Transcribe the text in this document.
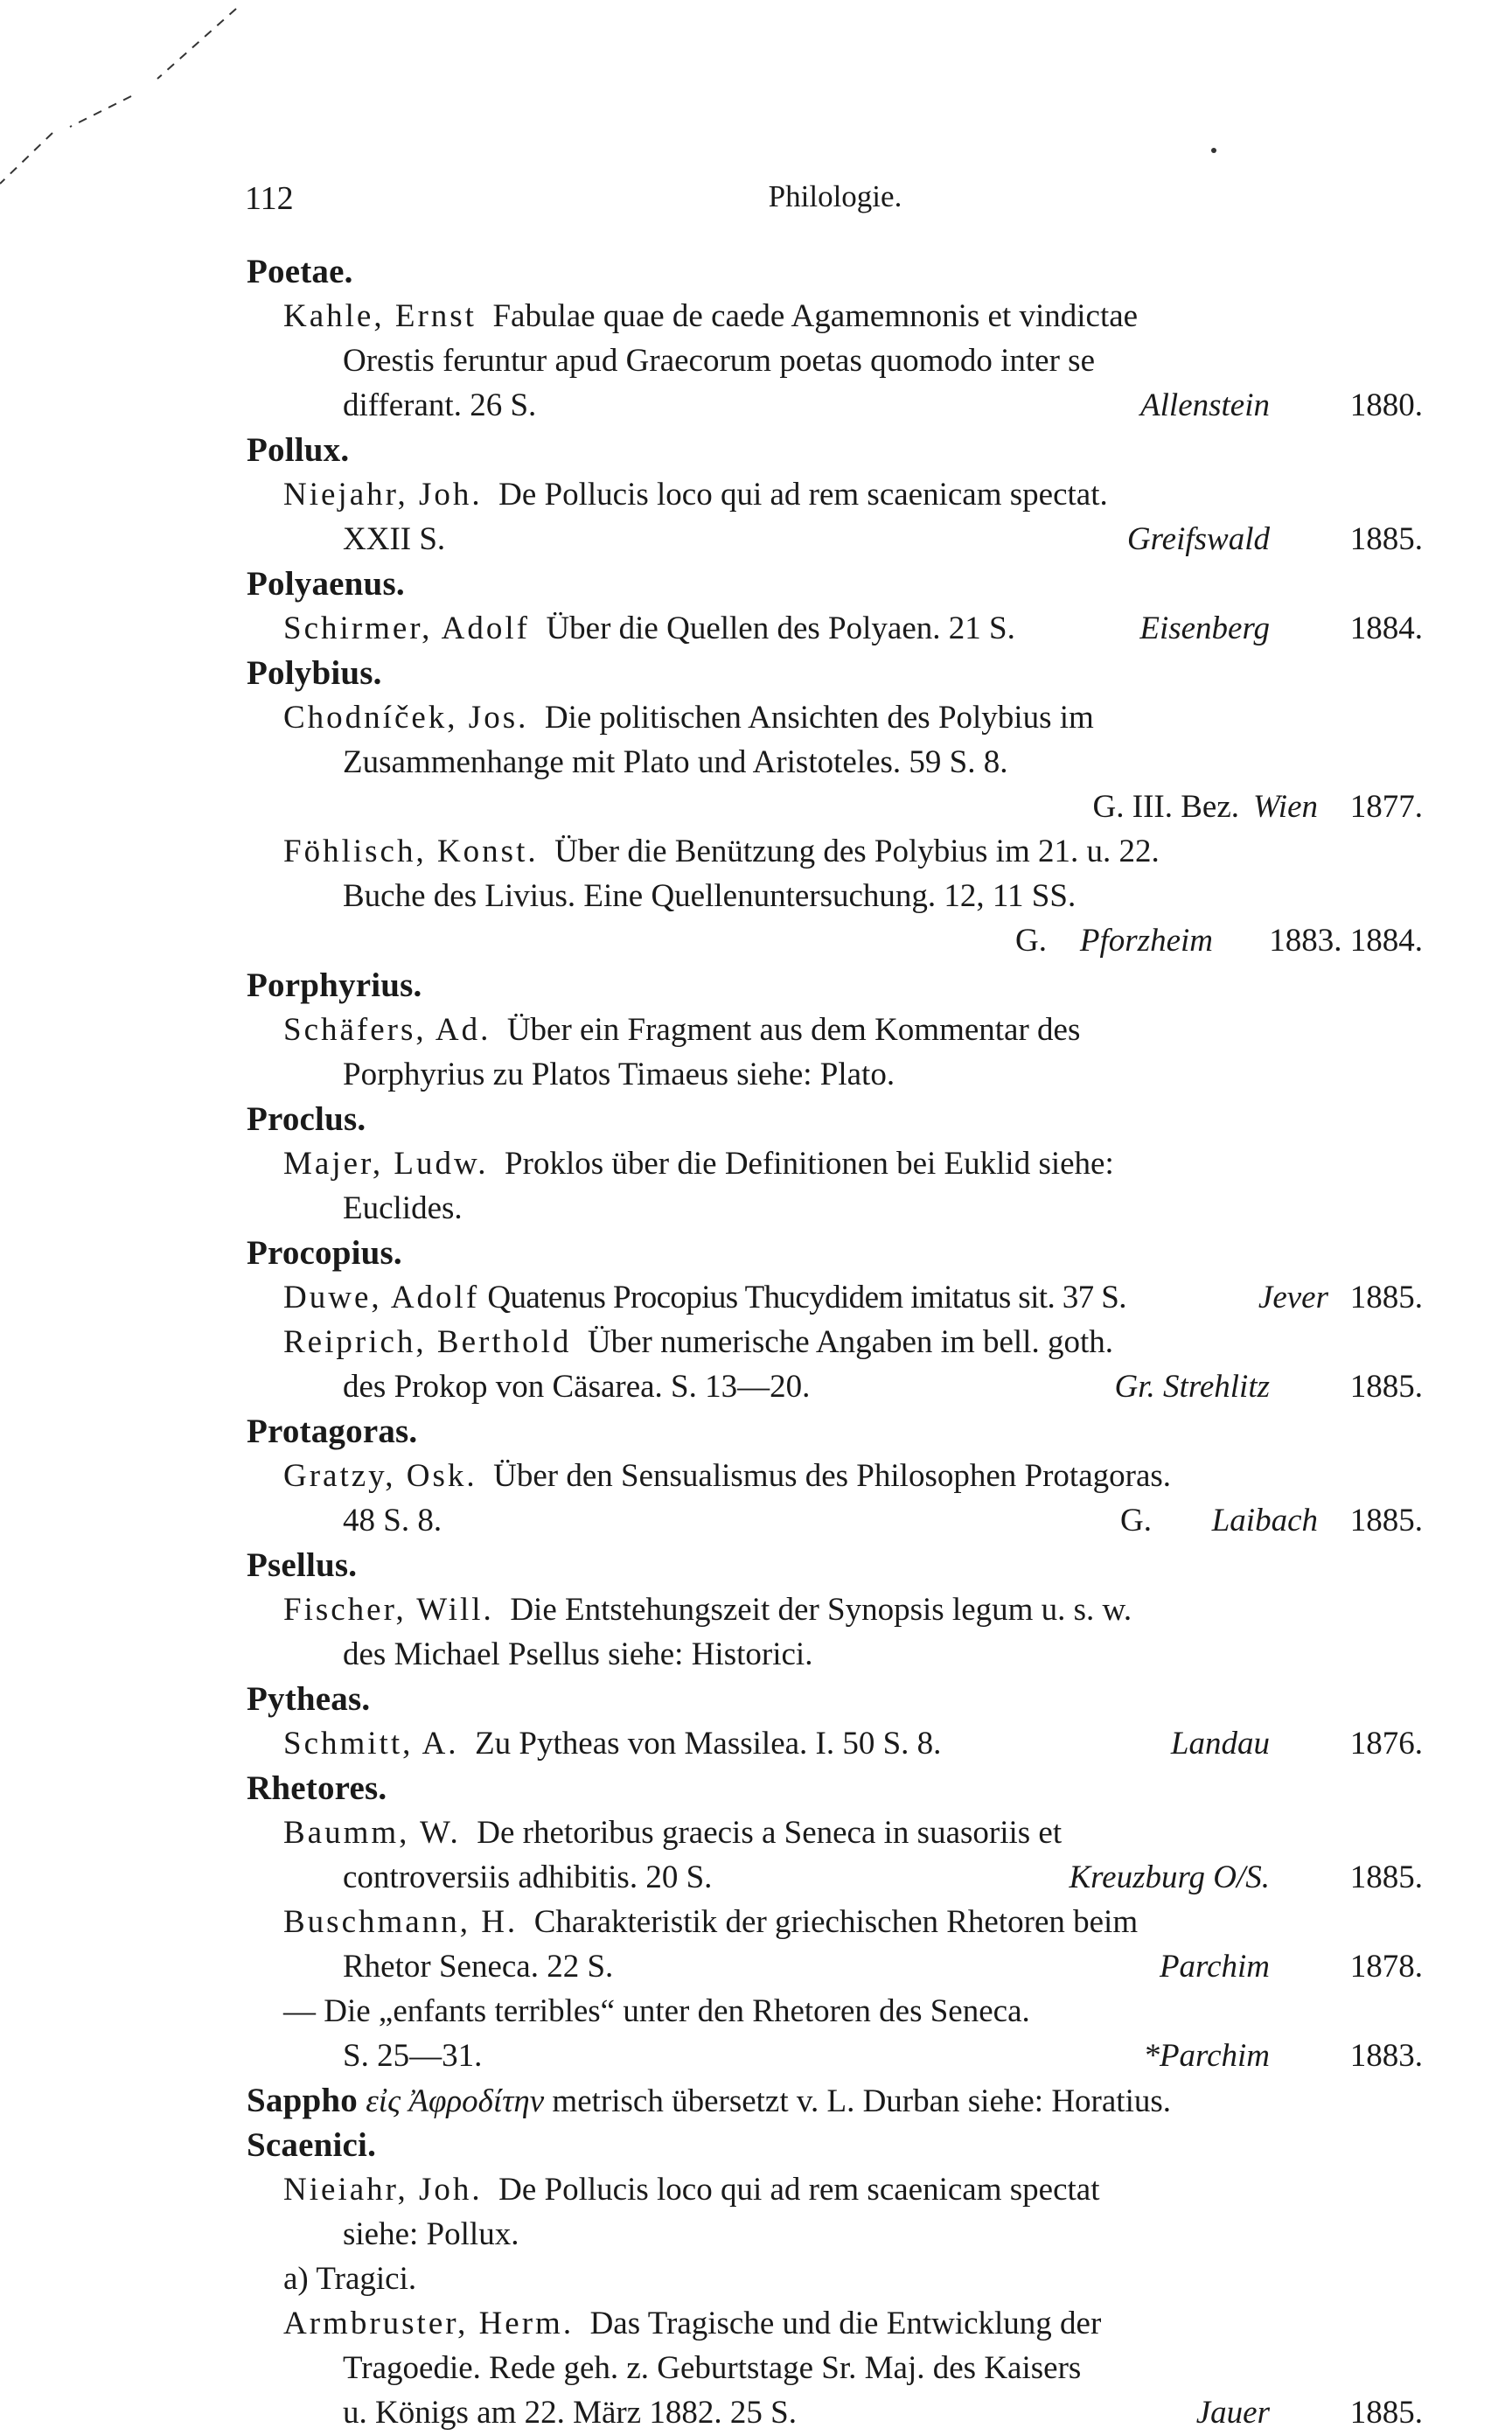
112	Philologie.
Poetae.
Kahle, Ernst Fabulae quae de caede Agamemnonis et vindictae
Orestis feruntur apud Graecorum poetas quomodo inter se
differant. 26 S.	Allenstein 1880.
Pollux.
Niejahr, Joh. De Pollucis loco qui ad rem scaenicam spectat.
XXII S.	Greifswald 1885.
Polyaenus.
Schirmer, Adolf Über die Quellen des Polyaen. 21 S.	Eisenberg 1884.
Polybius.
Chodníček, Jos. Die politischen Ansichten des Polybius im
Zusammenhange mit Plato und Aristoteles. 59 S. 8.
G. III. Bez. Wien 1877.
Föhlisch, Konst. Über die Benützung des Polybius im 21. u. 22.
Buche des Livius. Eine Quellenuntersuchung. 12, 11 SS.
G. Pforzheim 1883. 1884.
Porphyrius.
Schäfers, Ad. Über ein Fragment aus dem Kommentar des
Porphyrius zu Platos Timaeus siehe: Plato.
Proclus.
Majer, Ludw. Proklos über die Definitionen bei Euklid siehe:
Euclides.
Procopius.
Duwe, Adolf Quatenus Procopius Thucydidem imitatus sit. 37 S.	Jever 1885.
Reiprich, Berthold Über numerische Angaben im bell. goth.
des Prokop von Cäsarea. S. 13—20.	Gr. Strehlitz 1885.
Protagoras.
Gratzy, Osk. Über den Sensualismus des Philosophen Protagoras.
48 S. 8.	G. Laibach 1885.
Psellus.
Fischer, Will. Die Entstehungszeit der Synopsis legum u. s. w.
des Michael Psellus siehe: Historici.
Pytheas.
Schmitt, A. Zu Pytheas von Massilea. I. 50 S. 8.	Landau 1876.
Rhetores.
Baumm, W. De rhetoribus graecis a Seneca in suasoriis et
controversiis adhibitis. 20 S.	Kreuzburg O/S. 1885.
Buschmann, H. Charakteristik der griechischen Rhetoren beim
Rhetor Seneca. 22 S.	Parchim 1878.
— Die „enfants terribles“ unter den Rhetoren des Seneca.
S. 25—31.	*Parchim 1883.
Sappho εἰς Ἀφροδίτην metrisch übersetzt v. L. Durban siehe: Horatius.
Scaenici.
Nieiahr, Joh. De Pollucis loco qui ad rem scaenicam spectat
siehe: Pollux.
a) Tragici.
Armbruster, Herm. Das Tragische und die Entwicklung der
Tragoedie. Rede geh. z. Geburtstage Sr. Maj. des Kaisers
u. Königs am 22. März 1882. 25 S.	Jauer 1885.
